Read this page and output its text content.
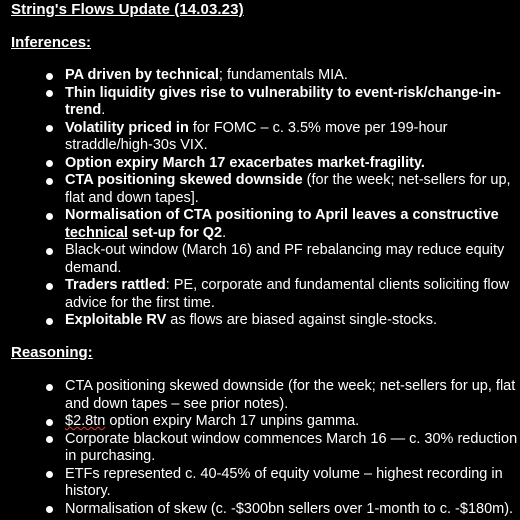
String's Flows Update (14.03.23)
Inferences:
PA driven by technical; fundamentals MIA.
Thin liquidity gives rise to vulnerability to event-risk/change-in-
trend.
Volatility priced in for FOMC – c. 3.5% move per 199-hour
straddle/high-30s VIX.
Option expiry March 17 exacerbates market-fragility.
CTA positioning skewed downside (for the week; net-sellers for up,
flat and down tapes].
Normalisation of CTA positioning to April leaves a constructive
technical set-up for Q2.
Black-out window (March 16) and PF rebalancing may reduce equity
demand.
Traders rattled: PE, corporate and fundamental clients soliciting flow
advice for the first time.
Exploitable RV as flows are biased against single-stocks.
Reasoning:
CTA positioning skewed downside (for the week; net-sellers for up, flat
and down tapes – see prior notes).
$2.8tn option expiry March 17 unpins gamma.
Corporate blackout window commences March 16 — c. 30% reduction
in purchasing.
ETFs represented c. 40-45% of equity volume – highest recording in
history.
Normalisation of skew (c. -$300bn sellers over 1-month to c. -$180m).
